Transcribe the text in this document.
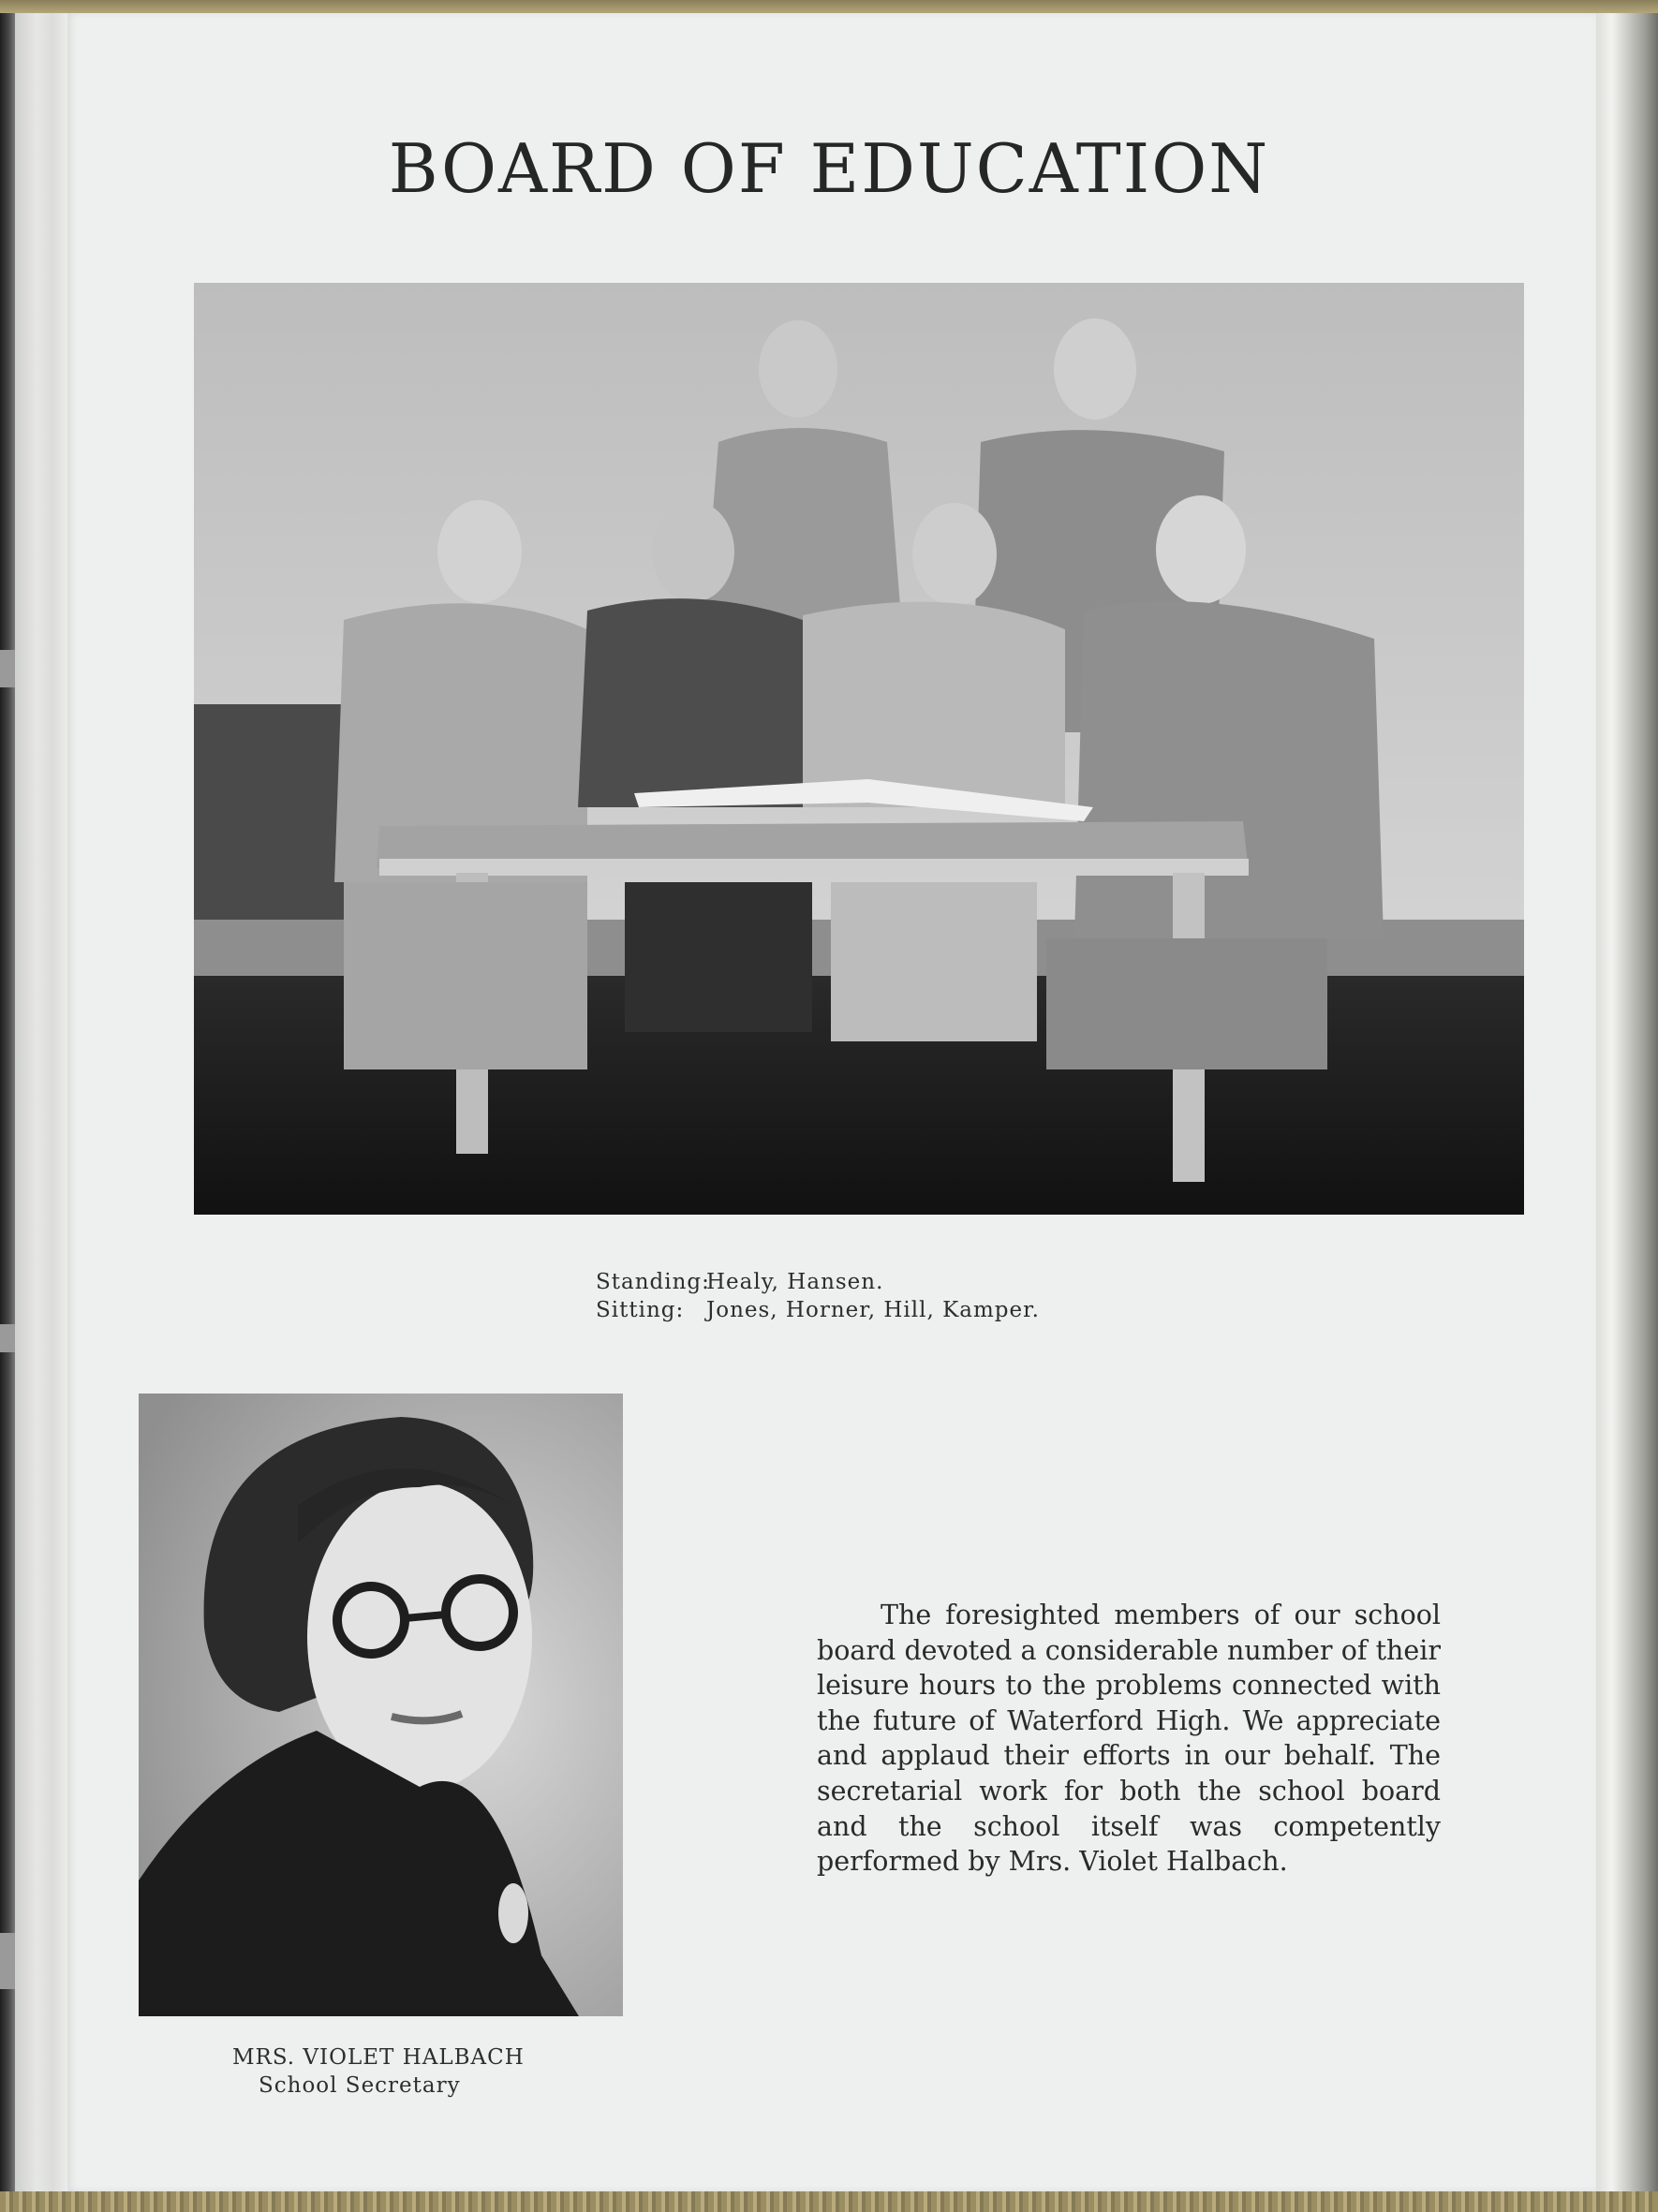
BOARD OF EDUCATION
Standing:Healy, Hansen.
Sitting: Jones, Horner, Hill, Kamper.
MRS. VIOLET HALBACH
School Secretary

The foresighted members of our school board devoted a considerable number of their leisure hours to the problems connected with the future of Waterford High. We appreciate and applaud their efforts in our behalf. The secretarial work for both the school board and the school itself was competently performed by Mrs. Violet Halbach.
